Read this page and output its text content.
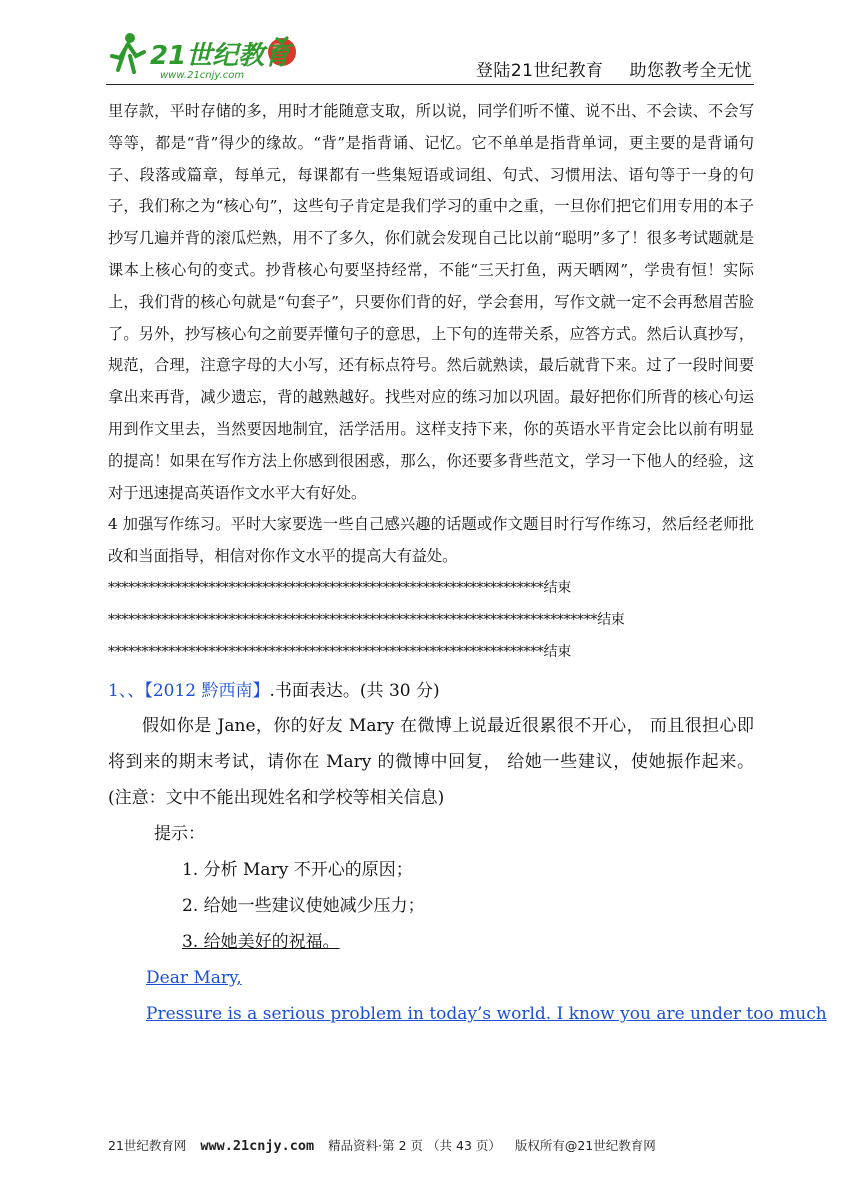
21世纪教育
www.21cnjy.com	登陆21世纪教育 助您教考全无忧

里存款，平时存储的多，用时才能随意支取，所以说，同学们听不懂、说不出、不会读、不会写等等，都是“背”得少的缘故。“背”是指背诵、记忆。它不单单是指背单词，更主要的是背诵句子、段落或篇章，每单元，每课都有一些集短语或词组、句式、习惯用法、语句等于一身的句子，我们称之为“核心句”，这些句子肯定是我们学习的重中之重，一旦你们把它们用专用的本子抄写几遍并背的滚瓜烂熟，用不了多久，你们就会发现自己比以前“聪明”多了！很多考试题就是课本上核心句的变式。抄背核心句要坚持经常，不能“三天打鱼，两天晒网”，学贵有恒！实际上，我们背的核心句就是“句套子”，只要你们背的好，学会套用，写作文就一定不会再愁眉苦脸了。另外，抄写核心句之前要弄懂句子的意思，上下句的连带关系，应答方式。然后认真抄写，规范，合理，注意字母的大小写，还有标点符号。然后就熟读，最后就背下来。过了一段时间要拿出来再背，减少遗忘，背的越熟越好。找些对应的练习加以巩固。最好把你们所背的核心句运用到作文里去，当然要因地制宜，活学活用。这样支持下来，你的英语水平肯定会比以前有明显的提高！如果在写作方法上你感到很困惑，那么，你还要多背些范文，学习一下他人的经验，这对于迅速提高英语作文水平大有好处。

4 加强写作练习。平时大家要选一些自己感兴趣的话题或作文题目时行写作练习，然后经老师批改和当面指导，相信对你作文水平的提高大有益处。

*****************************************************************结束

*************************************************************************结束

*****************************************************************结束

1、、【2012 黔西南】.书面表达。(共 30 分)

假如你是 Jane，你的好友 Mary 在微博上说最近很累很不开心， 而且很担心即将到来的期末考试，请你在 Mary 的微博中回复， 给她一些建议，使她振作起来。(注意：文中不能出现姓名和学校等相关信息)

提示：

1. 分析 Mary 不开心的原因；

2. 给她一些建议使她减少压力；

3. 给她美好的祝福。

Dear Mary,

Pressure is a serious problem in today’s world. I know you are under too much

21世纪教育网 www.21cnjy.com 精品资料·第 2 页 （共 43 页） 版权所有@21世纪教育网
